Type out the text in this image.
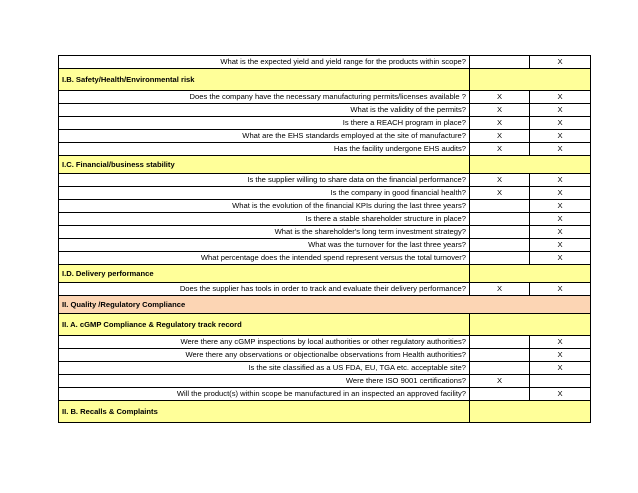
What is the expected yield and yield range for the products within scope?		X
I.B. Safety/Health/Environmental risk		
Does the company have the necessary manufacturing permits/licenses available ?	X	X
What is the validity of the permits?	X	X
Is there a REACH program in place?	X	X
What are the EHS standards employed at the site of manufacture?	X	X
Has the facility undergone EHS audits?	X	X
I.C. Financial/business stability		
Is the supplier willing to share data on the financial performance?	X	X
Is the company in good financial health?	X	X
What is the evolution of the financial KPIs during the last three years?		X
Is there a stable shareholder structure in place?		X
What is the shareholder's long term investment strategy?		X
What was the turnover for the last three years?		X
What percentage does the intended spend represent versus the total turnover?		X
I.D. Delivery performance		
Does the supplier has tools in order to track and evaluate their delivery performance?	X	X
II. Quality /Regulatory Compliance		
II. A. cGMP Compliance & Regulatory track record		
Were there any cGMP inspections by local authorities or other regulatory authorities?		X
Were there any observations or objectionalbe observations from Health authorities?		X
Is the site classified as a US FDA, EU, TGA etc. acceptable site?		X
Were there ISO 9001 certifications?	X	
Will the product(s) within scope be manufactured in an inspected an approved facility?		X
II. B. Recalls & Complaints		
